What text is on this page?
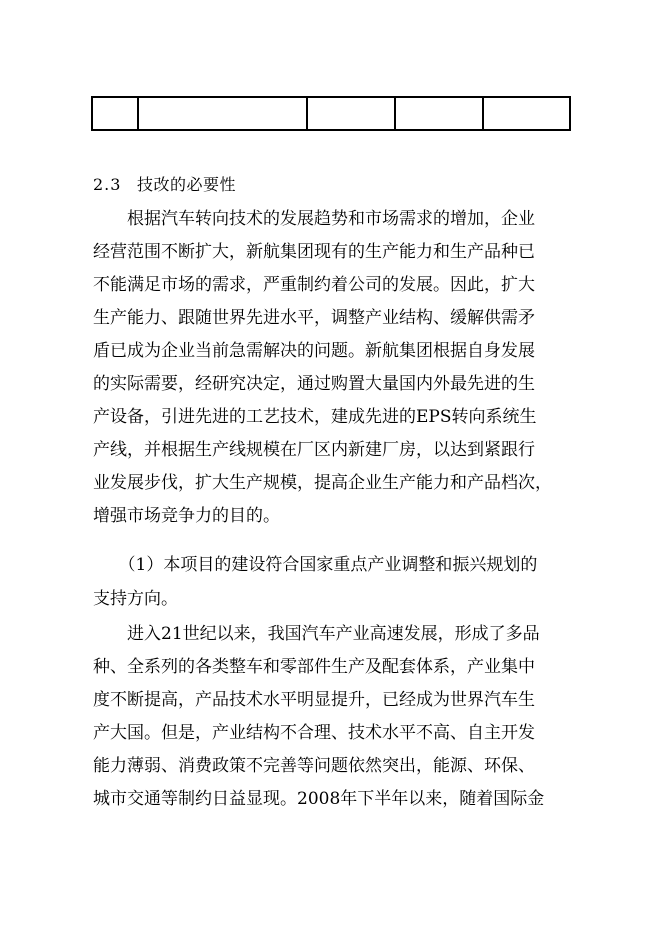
2.3 技改的必要性
　　根据汽车转向技术的发展趋势和市场需求的增加，企业
经营范围不断扩大，新航集团现有的生产能力和生产品种已
不能满足市场的需求，严重制约着公司的发展。因此，扩大
生产能力、跟随世界先进水平，调整产业结构、缓解供需矛
盾已成为企业当前急需解决的问题。新航集团根据自身发展
的实际需要，经研究决定，通过购置大量国内外最先进的生
产设备，引进先进的工艺技术，建成先进的EPS转向系统生
产线，并根据生产线规模在厂区内新建厂房，以达到紧跟行
业发展步伐，扩大生产规模，提高企业生产能力和产品档次，
增强市场竞争力的目的。
　　（1）本项目的建设符合国家重点产业调整和振兴规划的
支持方向。
　　进入21世纪以来，我国汽车产业高速发展，形成了多品
种、全系列的各类整车和零部件生产及配套体系，产业集中
度不断提高，产品技术水平明显提升，已经成为世界汽车生
产大国。但是，产业结构不合理、技术水平不高、自主开发
能力薄弱、消费政策不完善等问题依然突出，能源、环保、
城市交通等制约日益显现。2008年下半年以来，随着国际金
